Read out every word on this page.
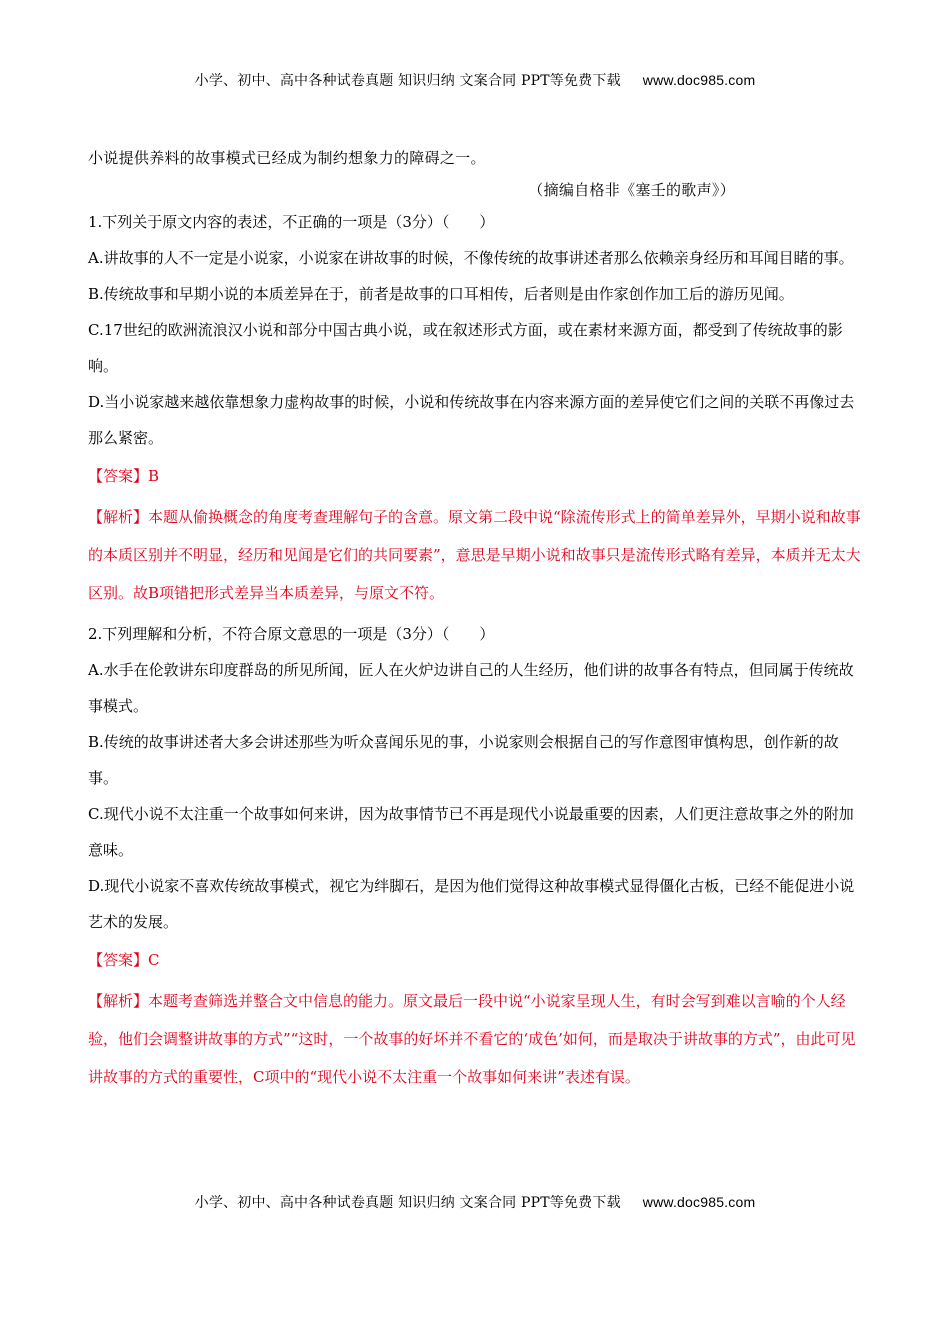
小学、初中、高中各种试卷真题 知识归纳 文案合同 PPT等免费下载 www.doc985.com

小说提供养料的故事模式已经成为制约想象力的障碍之一。

（摘编自格非《塞壬的歌声》）

1.下列关于原文内容的表述，不正确的一项是（3分）（　　）

A.讲故事的人不一定是小说家，小说家在讲故事的时候，不像传统的故事讲述者那么依赖亲身经历和耳闻目睹的事。

B.传统故事和早期小说的本质差异在于，前者是故事的口耳相传，后者则是由作家创作加工后的游历见闻。

C.17世纪的欧洲流浪汉小说和部分中国古典小说，或在叙述形式方面，或在素材来源方面，都受到了传统故事的影响。

D.当小说家越来越依靠想象力虚构故事的时候，小说和传统故事在内容来源方面的差异使它们之间的关联不再像过去那么紧密。

【答案】B

【解析】本题从偷换概念的角度考查理解句子的含意。原文第二段中说“除流传形式上的简单差异外，早期小说和故事的本质区别并不明显，经历和见闻是它们的共同要素”，意思是早期小说和故事只是流传形式略有差异，本质并无太大区别。故B项错把形式差异当本质差异，与原文不符。

2.下列理解和分析，不符合原文意思的一项是（3分）（　　）

A.水手在伦敦讲东印度群岛的所见所闻，匠人在火炉边讲自己的人生经历，他们讲的故事各有特点，但同属于传统故事模式。

B.传统的故事讲述者大多会讲述那些为听众喜闻乐见的事，小说家则会根据自己的写作意图审慎构思，创作新的故事。

C.现代小说不太注重一个故事如何来讲，因为故事情节已不再是现代小说最重要的因素，人们更注意故事之外的附加意味。

D.现代小说家不喜欢传统故事模式，视它为绊脚石，是因为他们觉得这种故事模式显得僵化古板，已经不能促进小说艺术的发展。

【答案】C

【解析】本题考查筛选并整合文中信息的能力。原文最后一段中说“小说家呈现人生，有时会写到难以言喻的个人经验，他们会调整讲故事的方式”“这时，一个故事的好坏并不看它的‘成色’如何，而是取决于讲故事的方式”，由此可见讲故事的方式的重要性，C项中的“现代小说不太注重一个故事如何来讲”表述有误。

小学、初中、高中各种试卷真题 知识归纳 文案合同 PPT等免费下载 www.doc985.com
